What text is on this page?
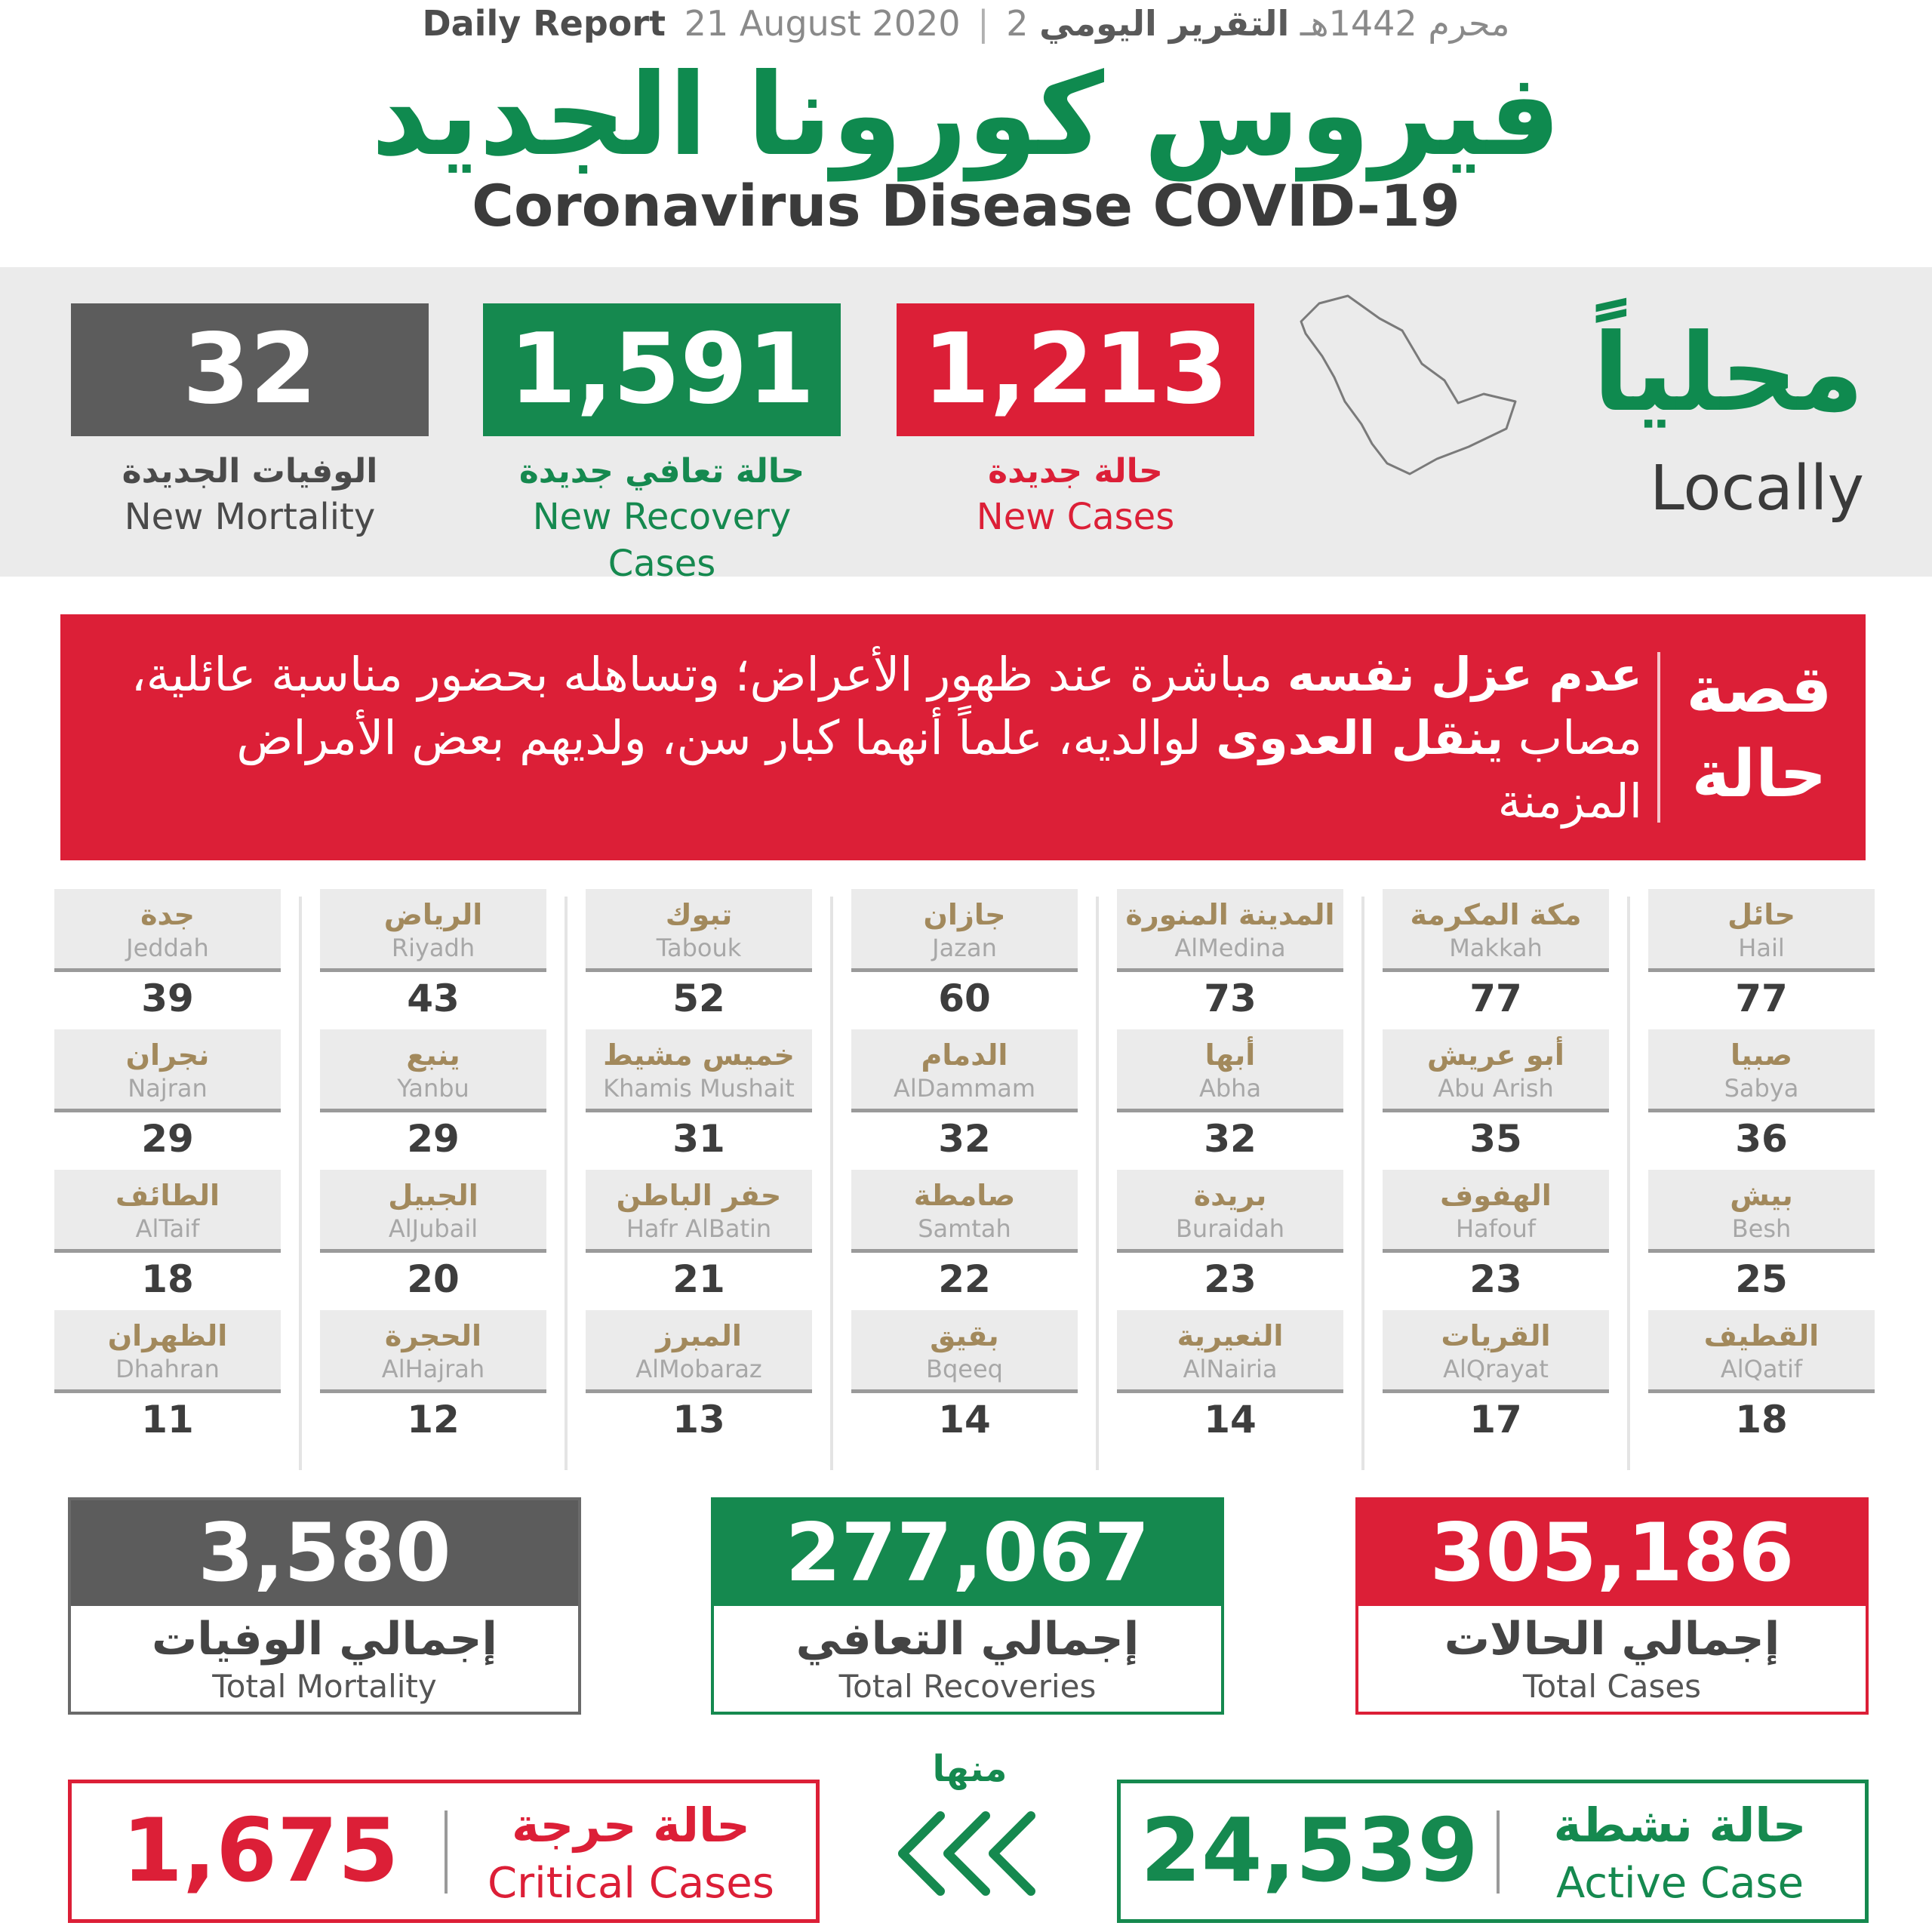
Daily Report 21 August 2020 | 2 محرم 1442هـ التقرير اليومي
فيروس كورونا الجديد
Coronavirus Disease COVID-19
32
الوفيات الجديدة
New Mortality
1,591
حالة تعافي جديدة
New Recovery Cases
1,213
حالة جديدة
New Cases
محلياً
Locally
قصة
حالة
عدم عزل نفسه مباشرة عند ظهور الأعراض؛ وتساهله بحضور مناسبة عائلية، مصاب ينقل العدوى لوالديه، علماً أنهما كبار سن، ولديهم بعض الأمراض المزمنة
حائل
Hail
77
صبيا
Sabya
36
بيش
Besh
25
القطيف
AlQatif
18
مكة المكرمة
Makkah
77
أبو عريش
Abu Arish
35
الهفوف
Hafouf
23
القريات
AlQrayat
17
المدينة المنورة
AlMedina
73
أبها
Abha
32
بريدة
Buraidah
23
النعيرية
AlNairia
14
جازان
Jazan
60
الدمام
AlDammam
32
صامطة
Samtah
22
بقيق
Bqeeq
14
تبوك
Tabouk
52
خميس مشيط
Khamis Mushait
31
حفر الباطن
Hafr AlBatin
21
المبرز
AlMobaraz
13
الرياض
Riyadh
43
ينبع
Yanbu
29
الجبيل
AlJubail
20
الحجرة
AlHajrah
12
جدة
Jeddah
39
نجران
Najran
29
الطائف
AlTaif
18
الظهران
Dhahran
11
3,580
إجمالي الوفيات
Total Mortality
277,067
إجمالي التعافي
Total Recoveries
305,186
إجمالي الحالات
Total Cases
1,675	حالة حرجة
Critical Cases
منها
24,539	حالة نشطة
Active Case
